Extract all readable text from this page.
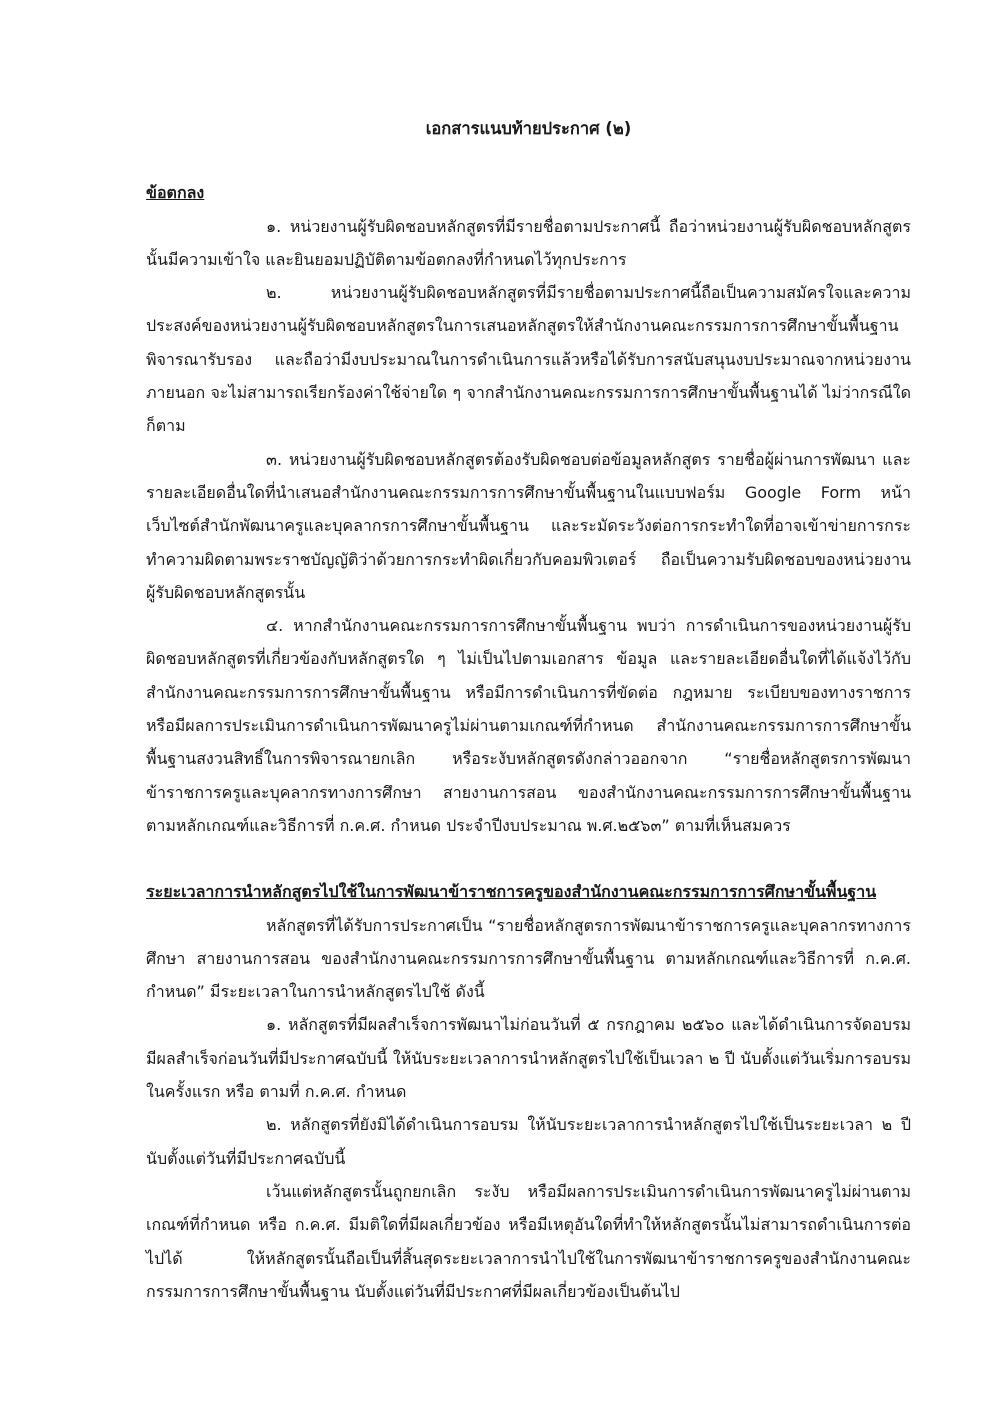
เอกสารแนบท้ายประกาศ (๒)
ข้อตกลง

๑. หน่วยงานผู้รับผิดชอบหลักสูตรที่มีรายชื่อตามประกาศนี้ ถือว่าหน่วยงานผู้รับผิดชอบหลักสูตรนั้นมีความเข้าใจ และยินยอมปฏิบัติตามข้อตกลงที่กำหนดไว้ทุกประการ

๒. หน่วยงานผู้รับผิดชอบหลักสูตรที่มีรายชื่อตามประกาศนี้ถือเป็นความสมัครใจและความประสงค์ของหน่วยงานผู้รับผิดชอบหลักสูตรในการเสนอหลักสูตรให้สำนักงานคณะกรรมการการศึกษาขั้นพื้นฐานพิจารณารับรอง และถือว่ามีงบประมาณในการดำเนินการแล้วหรือได้รับการสนับสนุนงบประมาณจากหน่วยงานภายนอก จะไม่สามารถเรียกร้องค่าใช้จ่ายใด ๆ จากสำนักงานคณะกรรมการการศึกษาขั้นพื้นฐานได้ ไม่ว่ากรณีใดก็ตาม

๓. หน่วยงานผู้รับผิดชอบหลักสูตรต้องรับผิดชอบต่อข้อมูลหลักสูตร รายชื่อผู้ผ่านการพัฒนา และรายละเอียดอื่นใดที่นำเสนอสำนักงานคณะกรรมการการศึกษาขั้นพื้นฐานในแบบฟอร์ม Google Form หน้าเว็บไซต์สำนักพัฒนาครูและบุคลากรการศึกษาขั้นพื้นฐาน และระมัดระวังต่อการกระทำใดที่อาจเข้าข่ายการกระทำความผิดตามพระราชบัญญัติว่าด้วยการกระทำผิดเกี่ยวกับคอมพิวเตอร์ ถือเป็นความรับผิดชอบของหน่วยงานผู้รับผิดชอบหลักสูตรนั้น

๔. หากสำนักงานคณะกรรมการการศึกษาขั้นพื้นฐาน พบว่า การดำเนินการของหน่วยงานผู้รับผิดชอบหลักสูตรที่เกี่ยวข้องกับหลักสูตรใด ๆ ไม่เป็นไปตามเอกสาร ข้อมูล และรายละเอียดอื่นใดที่ได้แจ้งไว้กับสำนักงานคณะกรรมการการศึกษาขั้นพื้นฐาน หรือมีการดำเนินการที่ขัดต่อ กฎหมาย ระเบียบของทางราชการ หรือมีผลการประเมินการดำเนินการพัฒนาครูไม่ผ่านตามเกณฑ์ที่กำหนด สำนักงานคณะกรรมการการศึกษาขั้นพื้นฐานสงวนสิทธิ์ในการพิจารณายกเลิก หรือระงับหลักสูตรดังกล่าวออกจาก “รายชื่อหลักสูตรการพัฒนาข้าราชการครูและบุคลากรทางการศึกษา สายงานการสอน ของสำนักงานคณะกรรมการการศึกษาขั้นพื้นฐาน ตามหลักเกณฑ์และวิธีการที่ ก.ค.ศ. กำหนด ประจำปีงบประมาณ พ.ศ.๒๕๖๓” ตามที่เห็นสมควร

ระยะเวลาการนำหลักสูตรไปใช้ในการพัฒนาข้าราชการครูของสำนักงานคณะกรรมการการศึกษาขั้นพื้นฐาน

หลักสูตรที่ได้รับการประกาศเป็น “รายชื่อหลักสูตรการพัฒนาข้าราชการครูและบุคลากรทางการศึกษา สายงานการสอน ของสำนักงานคณะกรรมการการศึกษาขั้นพื้นฐาน ตามหลักเกณฑ์และวิธีการที่ ก.ค.ศ. กำหนด” มีระยะเวลาในการนำหลักสูตรไปใช้ ดังนี้

๑. หลักสูตรที่มีผลสำเร็จการพัฒนาไม่ก่อนวันที่ ๕ กรกฎาคม ๒๕๖๐ และได้ดำเนินการจัดอบรมมีผลสำเร็จก่อนวันที่มีประกาศฉบับนี้ ให้นับระยะเวลาการนำหลักสูตรไปใช้เป็นเวลา ๒ ปี นับตั้งแต่วันเริ่มการอบรมในครั้งแรก หรือ ตามที่ ก.ค.ศ. กำหนด

๒. หลักสูตรที่ยังมิได้ดำเนินการอบรม ให้นับระยะเวลาการนำหลักสูตรไปใช้เป็นระยะเวลา ๒ ปี นับตั้งแต่วันที่มีประกาศฉบับนี้

เว้นแต่หลักสูตรนั้นถูกยกเลิก ระงับ หรือมีผลการประเมินการดำเนินการพัฒนาครูไม่ผ่านตามเกณฑ์ที่กำหนด หรือ ก.ค.ศ. มีมติใดที่มีผลเกี่ยวข้อง หรือมีเหตุอันใดที่ทำให้หลักสูตรนั้นไม่สามารถดำเนินการต่อไปได้ ให้หลักสูตรนั้นถือเป็นที่สิ้นสุดระยะเวลาการนำไปใช้ในการพัฒนาข้าราชการครูของสำนักงานคณะกรรมการการศึกษาขั้นพื้นฐาน นับตั้งแต่วันที่มีประกาศที่มีผลเกี่ยวข้องเป็นต้นไป
